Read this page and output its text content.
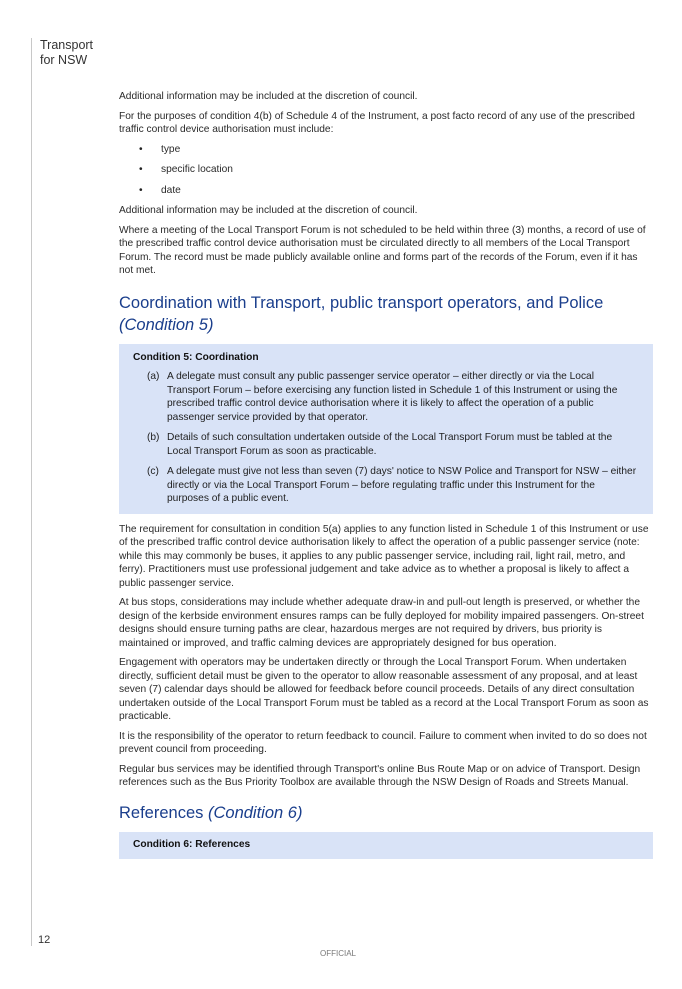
Transport
for NSW
12

Additional information may be included at the discretion of council.

For the purposes of condition 4(b) of Schedule 4 of the Instrument, a post facto record of any use of the prescribed traffic control device authorisation must include:

• type
• specific location
• date

Additional information may be included at the discretion of council.

Where a meeting of the Local Transport Forum is not scheduled to be held within three (3) months, a record of use of the prescribed traffic control device authorisation must be circulated directly to all members of the Local Transport Forum. The record must be made publicly available online and forms part of the records of the Forum, even if it has not met.

Coordination with Transport, public transport operators, and Police (Condition 5)
Condition 5: Coordination
(a) A delegate must consult any public passenger service operator – either directly or via the Local Transport Forum – before exercising any function listed in Schedule 1 of this Instrument or using the prescribed traffic control device authorisation where it is likely to affect the operation of a public passenger service provided by that operator.
(b) Details of such consultation undertaken outside of the Local Transport Forum must be tabled at the Local Transport Forum as soon as practicable.
(c) A delegate must give not less than seven (7) days' notice to NSW Police and Transport for NSW – either directly or via the Local Transport Forum – before regulating traffic under this Instrument for the purposes of a public event.

The requirement for consultation in condition 5(a) applies to any function listed in Schedule 1 of this Instrument or use of the prescribed traffic control device authorisation likely to affect the operation of a public passenger service (note: while this may commonly be buses, it applies to any public passenger service, including rail, light rail, metro, and ferry). Practitioners must use professional judgement and take advice as to whether a proposal is likely to affect a public passenger service.

At bus stops, considerations may include whether adequate draw-in and pull-out length is preserved, or whether the design of the kerbside environment ensures ramps can be fully deployed for mobility impaired passengers. On-street designs should ensure turning paths are clear, hazardous merges are not required by drivers, bus priority is maintained or improved, and traffic calming devices are appropriately designed for bus operation.

Engagement with operators may be undertaken directly or through the Local Transport Forum. When undertaken directly, sufficient detail must be given to the operator to allow reasonable assessment of any proposal, and at least seven (7) calendar days should be allowed for feedback before council proceeds. Details of any direct consultation undertaken outside of the Local Transport Forum must be tabled as a record at the Local Transport Forum as soon as practicable.

It is the responsibility of the operator to return feedback to council. Failure to comment when invited to do so does not prevent council from proceeding.

Regular bus services may be identified through Transport's online Bus Route Map or on advice of Transport. Design references such as the Bus Priority Toolbox are available through the NSW Design of Roads and Streets Manual.

References (Condition 6)
Condition 6: References
OFFICIAL
